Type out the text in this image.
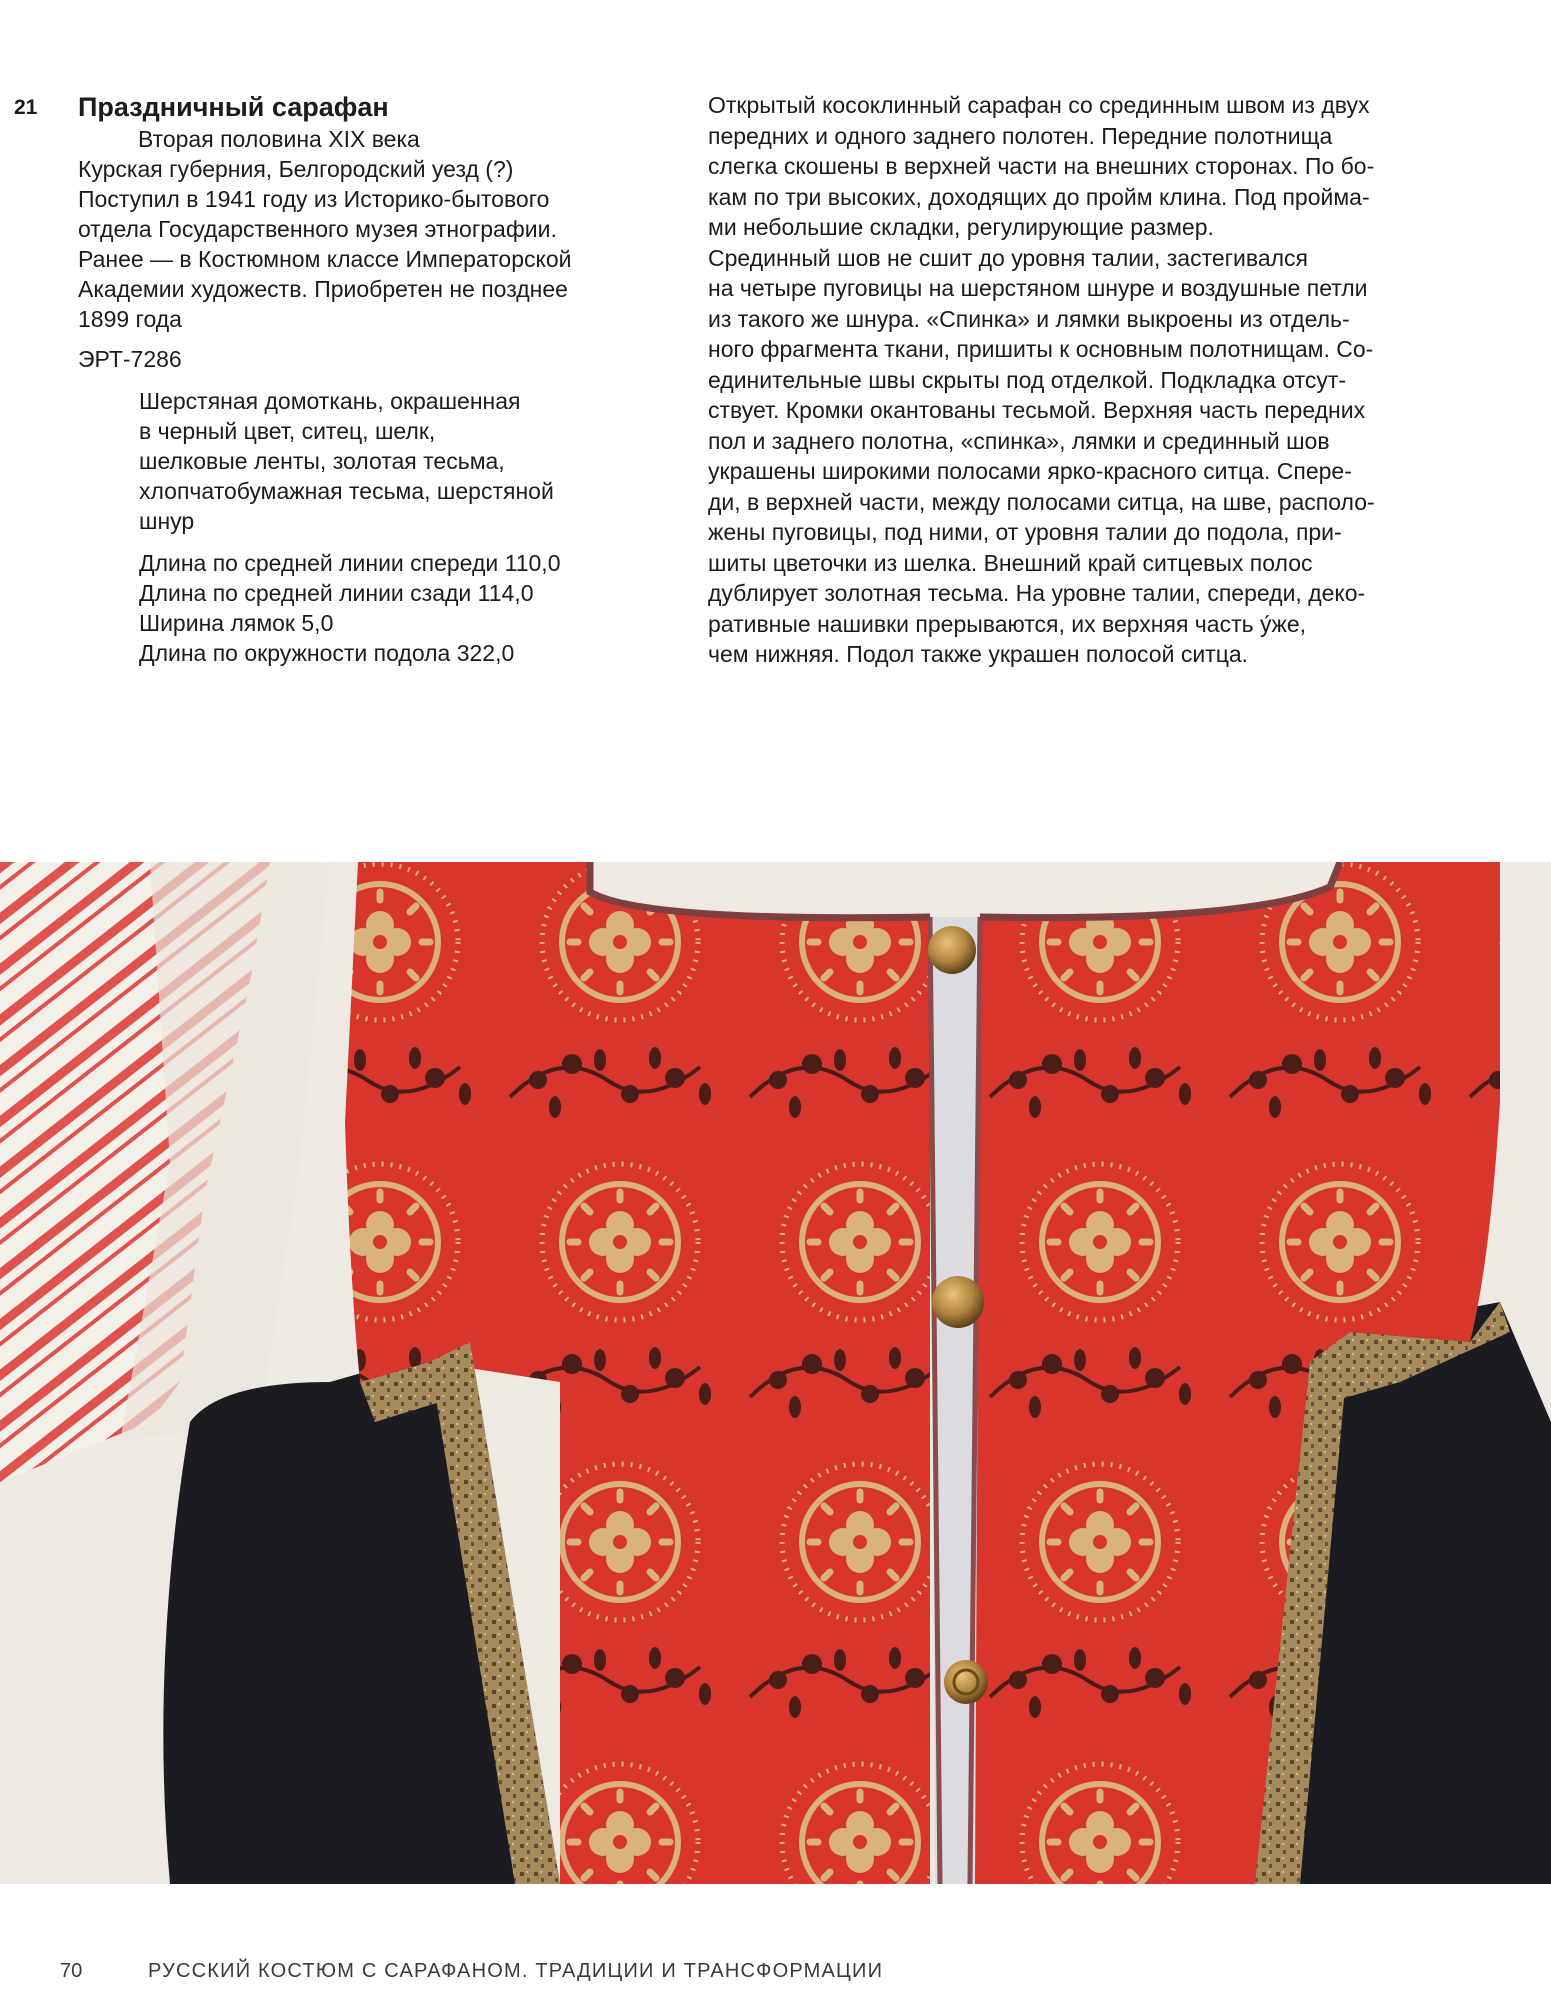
21 Праздничный сарафан
Вторая половина XIX века

Курская губерния, Белгородский уезд (?)

Поступил в 1941 году из Историко-бытового

отдела Государственного музея этнографии.

Ранее — в Костюмном классе Императорской

Академии художеств. Приобретен не позднее

1899 года

ЭРТ-7286
Шерстяная домоткань, окрашенная
в черный цвет, ситец, шелк,
шелковые ленты, золотая тесьма,
хлопчатобумажная тесьма, шерстяной
шнур
Длина по средней линии спереди 110,0
Длина по средней линии сзади 114,0
Ширина лямок 5,0
Длина по окружности подола 322,0

Открытый косоклинный сарафан со срединным швом из двух

передних и одного заднего полотен. Передние полотнища

слегка скошены в верхней части на внешних сторонах. По бо-

кам по три высоких, доходящих до пройм клина. Под пройма-

ми небольшие складки, регулирующие размер.

Срединный шов не сшит до уровня талии, застегивался

на четыре пуговицы на шерстяном шнуре и воздушные петли

из такого же шнура. «Спинка» и лямки выкроены из отдель-

ного фрагмента ткани, пришиты к основным полотнищам. Со-

единительные швы скрыты под отделкой. Подкладка отсут-

ствует. Кромки окантованы тесьмой. Верхняя часть передних

пол и заднего полотна, «спинка», лямки и срединный шов

украшены широкими полосами ярко-красного ситца. Спере-

ди, в верхней части, между полосами ситца, на шве, располо-

жены пуговицы, под ними, от уровня талии до подола, при-

шиты цветочки из шелка. Внешний край ситцевых полос

дублирует золотная тесьма. На уровне талии, спереди, деко-

ративные нашивки прерываются, их верхняя часть у́же,

чем нижняя. Подол также украшен полосой ситца.

70	РУССКИЙ КОСТЮМ С САРАФАНОМ. ТРАДИЦИИ И ТРАНСФОРМАЦИИ
